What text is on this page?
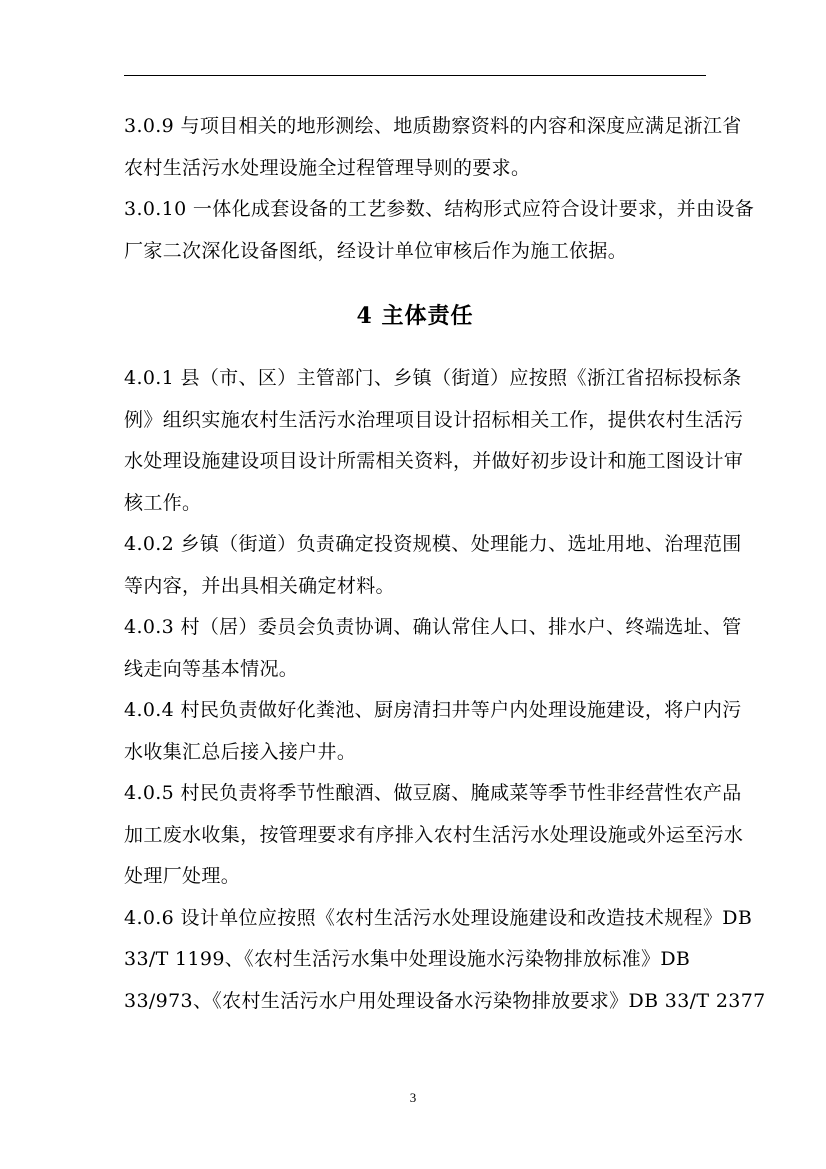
3.0.9 与项目相关的地形测绘、地质勘察资料的内容和深度应满足浙江省
农村生活污水处理设施全过程管理导则的要求。

3.0.10 一体化成套设备的工艺参数、结构形式应符合设计要求，并由设备
厂家二次深化设备图纸，经设计单位审核后作为施工依据。

4 主体责任

4.0.1 县（市、区）主管部门、乡镇（街道）应按照《浙江省招标投标条
例》组织实施农村生活污水治理项目设计招标相关工作，提供农村生活污
水处理设施建设项目设计所需相关资料，并做好初步设计和施工图设计审
核工作。

4.0.2 乡镇（街道）负责确定投资规模、处理能力、选址用地、治理范围
等内容，并出具相关确定材料。

4.0.3 村（居）委员会负责协调、确认常住人口、排水户、终端选址、管
线走向等基本情况。

4.0.4 村民负责做好化粪池、厨房清扫井等户内处理设施建设，将户内污
水收集汇总后接入接户井。

4.0.5 村民负责将季节性酿酒、做豆腐、腌咸菜等季节性非经营性农产品
加工废水收集，按管理要求有序排入农村生活污水处理设施或外运至污水
处理厂处理。

4.0.6 设计单位应按照《农村生活污水处理设施建设和改造技术规程》DB
33/T 1199、《农村生活污水集中处理设施水污染物排放标准》DB
33/973、《农村生活污水户用处理设备水污染物排放要求》DB 33/T 2377

3
